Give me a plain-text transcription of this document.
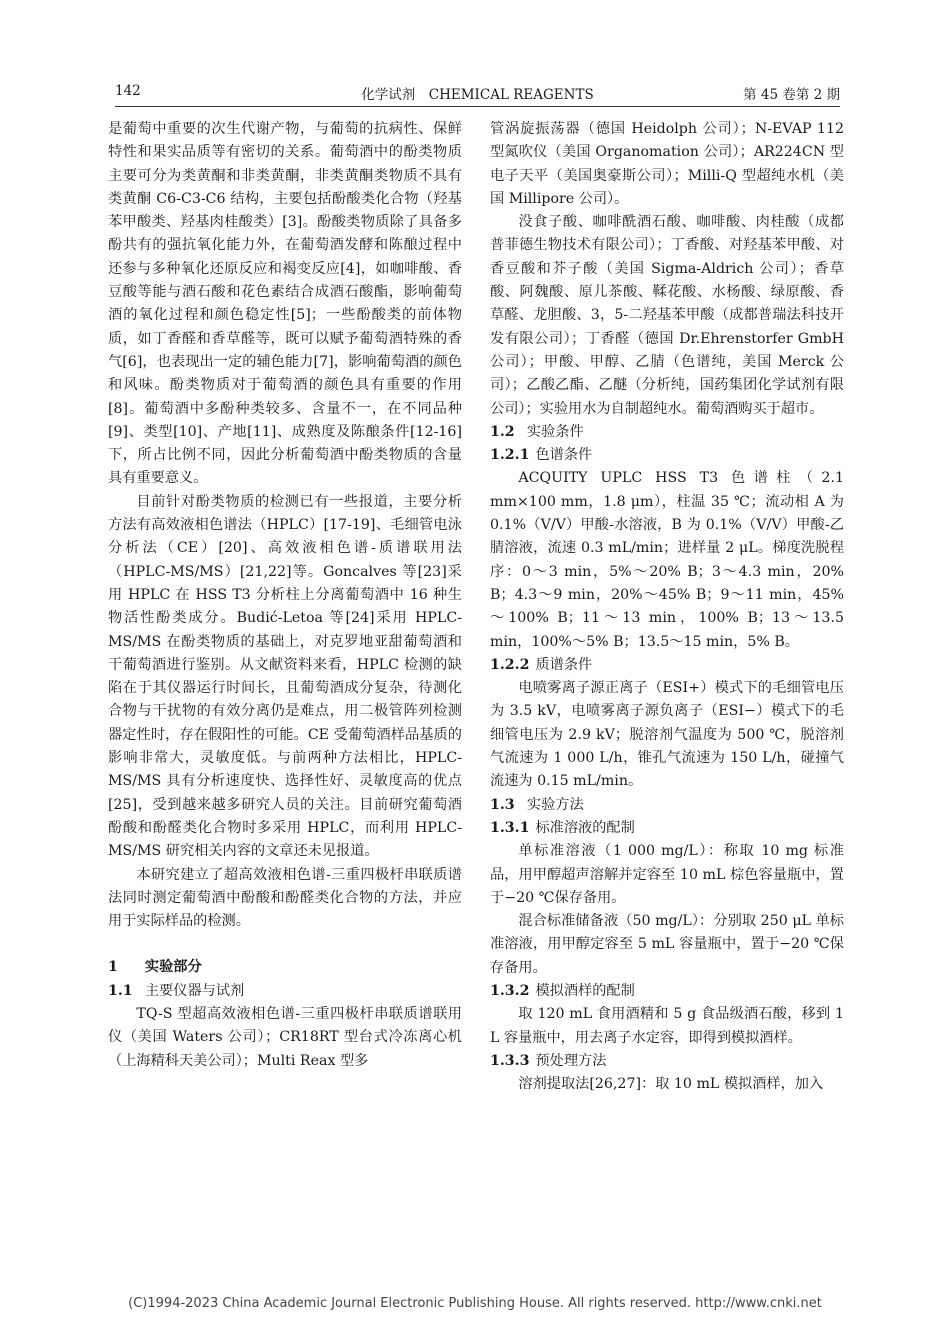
142	化学试剂　CHEMICAL REAGENTS	第 45 卷第 2 期

是葡萄中重要的次生代谢产物，与葡萄的抗病性、保鲜特性和果实品质等有密切的关系。葡萄酒中的酚类物质主要可分为类黄酮和非类黄酮，非类黄酮类物质不具有类黄酮 C6-C3-C6 结构，主要包括酚酸类化合物（羟基苯甲酸类、羟基肉桂酸类）[3]。酚酸类物质除了具备多酚共有的强抗氧化能力外，在葡萄酒发酵和陈酿过程中还参与多种氧化还原反应和褐变反应[4]，如咖啡酸、香豆酸等能与酒石酸和花色素结合成酒石酸酯，影响葡萄酒的氧化过程和颜色稳定性[5]；一些酚酸类的前体物质，如丁香醛和香草醛等，既可以赋予葡萄酒特殊的香气[6]，也表现出一定的辅色能力[7]，影响葡萄酒的颜色和风味。酚类物质对于葡萄酒的颜色具有重要的作用[8]。葡萄酒中多酚种类较多、含量不一，在不同品种[9]、类型[10]、产地[11]、成熟度及陈酿条件[12-16]下，所占比例不同，因此分析葡萄酒中酚类物质的含量具有重要意义。

目前针对酚类物质的检测已有一些报道，主要分析方法有高效液相色谱法（HPLC）[17-19]、毛细管电泳分析法（CE）[20]、高效液相色谱-质谱联用法（HPLC-MS/MS）[21,22]等。Goncalves 等[23]采用 HPLC 在 HSS T3 分析柱上分离葡萄酒中 16 种生物活性酚类成分。Budić-Letoa 等[24]采用 HPLC-MS/MS 在酚类物质的基础上，对克罗地亚甜葡萄酒和干葡萄酒进行鉴别。从文献资料来看，HPLC 检测的缺陷在于其仪器运行时间长，且葡萄酒成分复杂，待测化合物与干扰物的有效分离仍是难点，用二极管阵列检测器定性时，存在假阳性的可能。CE 受葡萄酒样品基质的影响非常大，灵敏度低。与前两种方法相比，HPLC-MS/MS 具有分析速度快、选择性好、灵敏度高的优点[25]，受到越来越多研究人员的关注。目前研究葡萄酒酚酸和酚醛类化合物时多采用 HPLC，而利用 HPLC-MS/MS 研究相关内容的文章还未见报道。

本研究建立了超高效液相色谱-三重四极杆串联质谱法同时测定葡萄酒中酚酸和酚醛类化合物的方法，并应用于实际样品的检测。

1 实验部分
1.1 主要仪器与试剂

TQ-S 型超高效液相色谱-三重四极杆串联质谱联用仪（美国 Waters 公司）；CR18RT 型台式冷冻离心机（上海精科天美公司）；Multi Reax 型多

管涡旋振荡器（德国 Heidolph 公司）；N-EVAP 112 型氮吹仪（美国 Organomation 公司）；AR224CN 型电子天平（美国奥豪斯公司）；Milli-Q 型超纯水机（美国 Millipore 公司）。

没食子酸、咖啡酰酒石酸、咖啡酸、肉桂酸（成都普菲德生物技术有限公司）；丁香酸、对羟基苯甲酸、对香豆酸和芥子酸（美国 Sigma-Aldrich 公司）；香草酸、阿魏酸、原儿茶酸、鞣花酸、水杨酸、绿原酸、香草醛、龙胆酸、3，5-二羟基苯甲酸（成都普瑞法科技开发有限公司）；丁香醛（德国 Dr.Ehrenstorfer GmbH 公司）；甲酸、甲醇、乙腈（色谱纯，美国 Merck 公司）；乙酸乙酯、乙醚（分析纯，国药集团化学试剂有限公司）；实验用水为自制超纯水。葡萄酒购买于超市。

1.2 实验条件
1.2.1 色谱条件

ACQUITY UPLC HSS T3 色谱柱（2.1 mm×100 mm，1.8 μm），柱温 35 ℃；流动相 A 为 0.1%（V/V）甲酸-水溶液，B 为 0.1%（V/V）甲酸-乙腈溶液，流速 0.3 mL/min；进样量 2 μL。梯度洗脱程序：0～3 min，5%～20% B；3～4.3 min，20% B；4.3～9 min，20%～45% B；9～11 min，45%～100% B；11～13 min，100% B；13～13.5 min，100%～5% B；13.5～15 min，5% B。

1.2.2 质谱条件

电喷雾离子源正离子（ESI+）模式下的毛细管电压为 3.5 kV，电喷雾离子源负离子（ESI−）模式下的毛细管电压为 2.9 kV；脱溶剂气温度为 500 ℃，脱溶剂气流速为 1 000 L/h，锥孔气流速为 150 L/h，碰撞气流速为 0.15 mL/min。

1.3 实验方法
1.3.1 标准溶液的配制

单标准溶液（1 000 mg/L）：称取 10 mg 标准品，用甲醇超声溶解并定容至 10 mL 棕色容量瓶中，置于−20 ℃保存备用。

混合标准储备液（50 mg/L）：分别取 250 μL 单标准溶液，用甲醇定容至 5 mL 容量瓶中，置于−20 ℃保存备用。

1.3.2 模拟酒样的配制

取 120 mL 食用酒精和 5 g 食品级酒石酸，移到 1 L 容量瓶中，用去离子水定容，即得到模拟酒样。

1.3.3 预处理方法

溶剂提取法[26,27]：取 10 mL 模拟酒样，加入

(C)1994-2023 China Academic Journal Electronic Publishing House. All rights reserved. http://www.cnki.net
